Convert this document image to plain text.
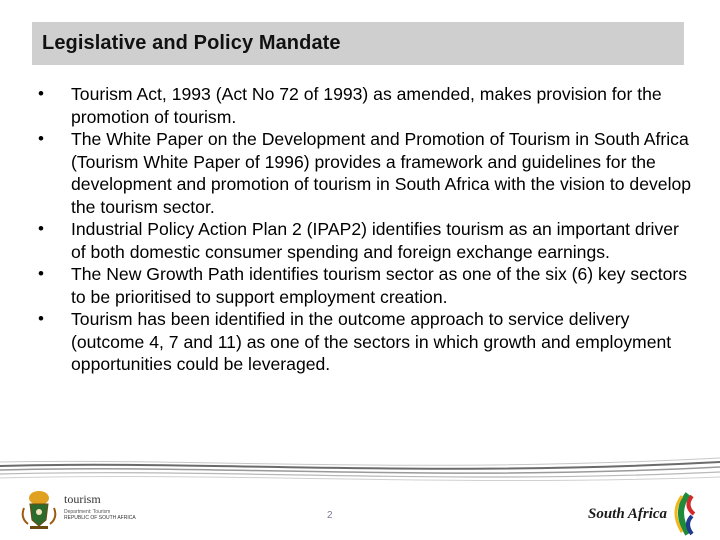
Legislative and Policy Mandate
• Tourism Act, 1993 (Act No 72 of 1993) as amended, makes provision for the promotion of tourism.
• The White Paper on the Development and Promotion of Tourism in South Africa (Tourism White Paper of 1996) provides a framework and guidelines for the development and promotion of tourism in South Africa with the vision to develop the tourism sector.
• Industrial Policy Action Plan 2 (IPAP2) identifies tourism as an important driver of both domestic consumer spending and foreign exchange earnings.
• The New Growth Path identifies tourism sector as one of the six (6) key sectors to be prioritised to support employment creation.
• Tourism has been identified in the outcome approach to service delivery (outcome 4, 7 and 11) as one of the sectors in which growth and employment opportunities could be leveraged.
tourism
Department: Tourism
REPUBLIC OF SOUTH AFRICA	2	South Africa
